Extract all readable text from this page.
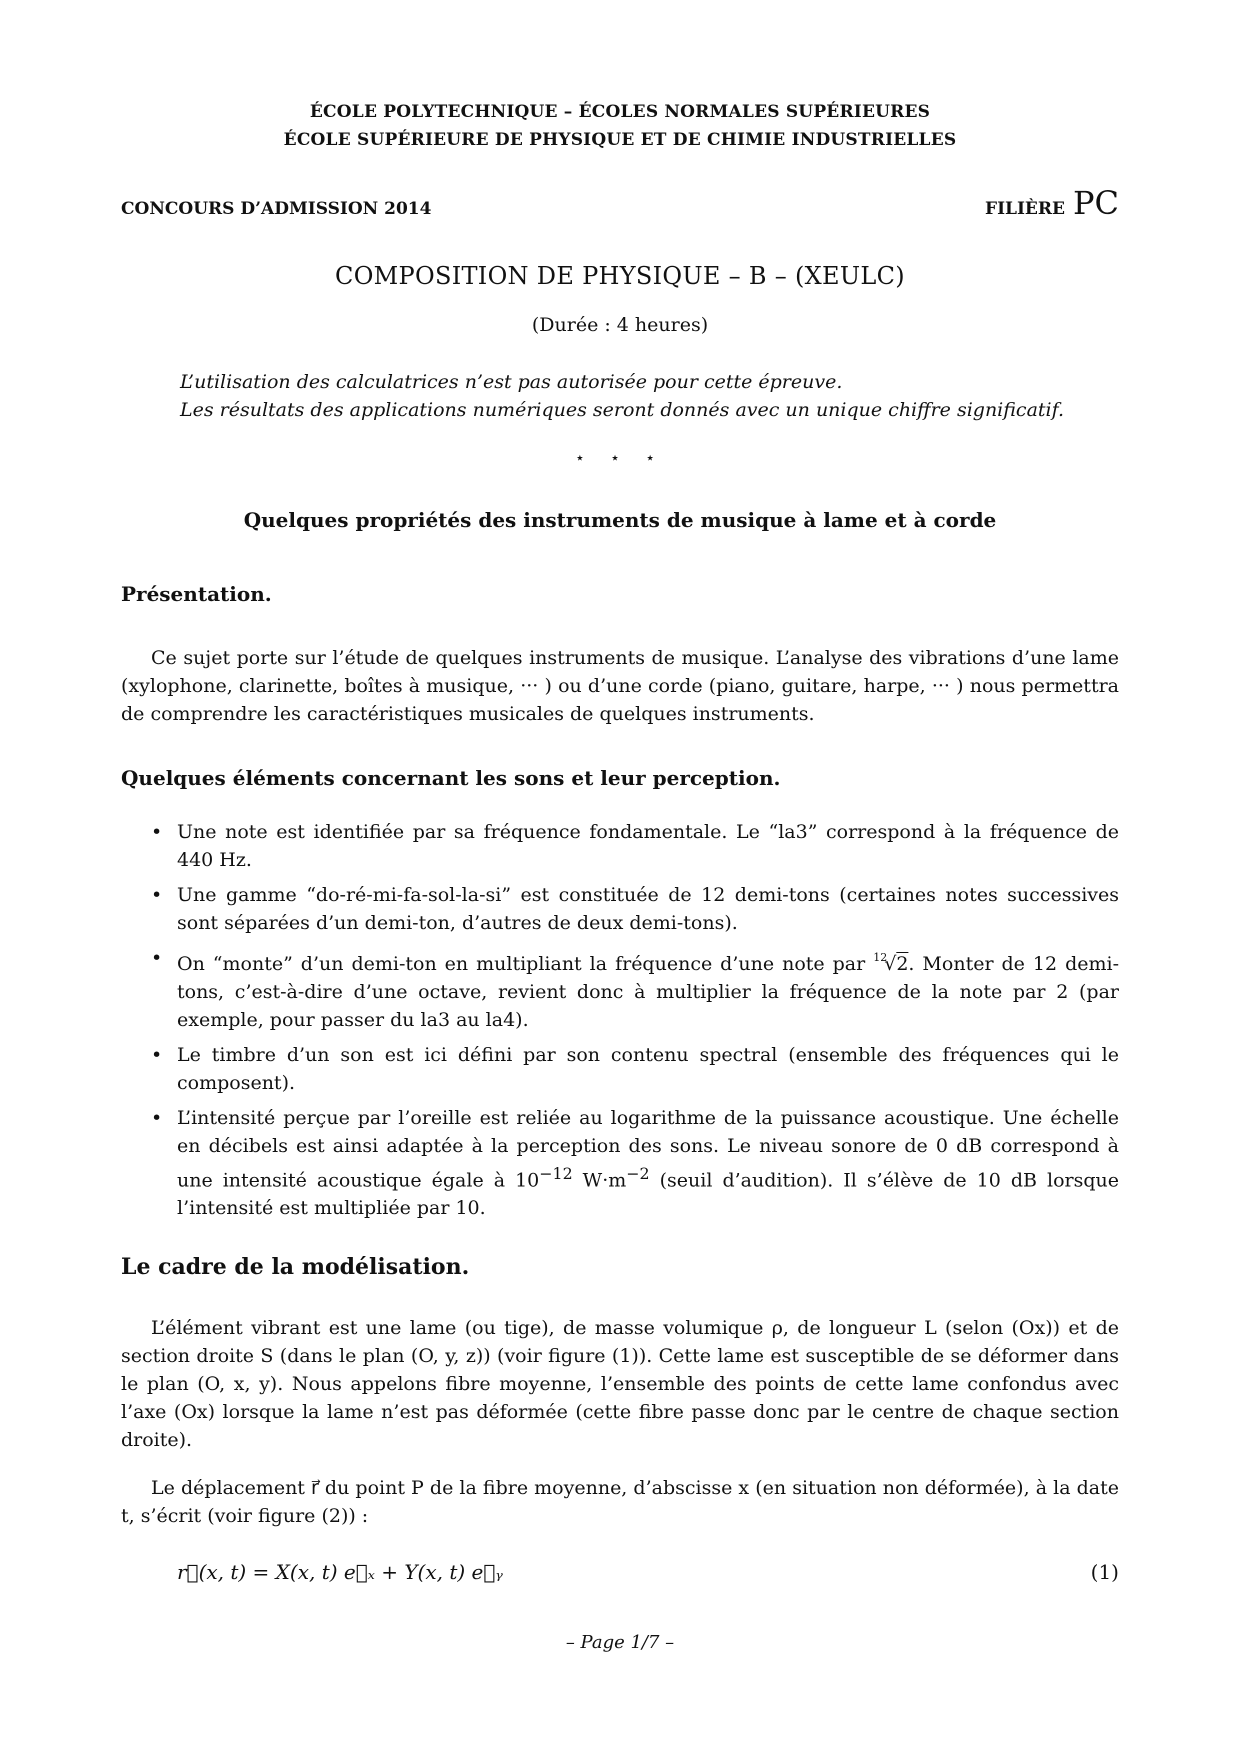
ÉCOLE POLYTECHNIQUE – ÉCOLES NORMALES SUPÉRIEURES
ÉCOLE SUPÉRIEURE DE PHYSIQUE ET DE CHIMIE INDUSTRIELLES
CONCOURS D’ADMISSION 2014	FILIÈRE PC
COMPOSITION DE PHYSIQUE – B – (XEULC)
(Durée : 4 heures)
L’utilisation des calculatrices n’est pas autorisée pour cette épreuve.
Les résultats des applications numériques seront donnés avec un unique chiffre significatif.
⋆ ⋆ ⋆
Quelques propriétés des instruments de musique à lame et à corde
Présentation.
Ce sujet porte sur l’étude de quelques instruments de musique. L’analyse des vibrations d’une lame (xylophone, clarinette, boîtes à musique, ··· ) ou d’une corde (piano, guitare, harpe, ··· ) nous permettra de comprendre les caractéristiques musicales de quelques instruments.
Quelques éléments concernant les sons et leur perception.
• Une note est identifiée par sa fréquence fondamentale. Le “la3” correspond à la fréquence de 440 Hz.
• Une gamme “do-ré-mi-fa-sol-la-si” est constituée de 12 demi-tons (certaines notes successives sont séparées d’un demi-ton, d’autres de deux demi-tons).
• On “monte” d’un demi-ton en multipliant la fréquence d’une note par $^{12}$√2. Monter de 12 demi-tons, c’est-à-dire d’une octave, revient donc à multiplier la fréquence de la note par 2 (par exemple, pour passer du la3 au la4).
• Le timbre d’un son est ici défini par son contenu spectral (ensemble des fréquences qui le composent).
• L’intensité perçue par l’oreille est reliée au logarithme de la puissance acoustique. Une échelle en décibels est ainsi adaptée à la perception des sons. Le niveau sonore de 0 dB correspond à une intensité acoustique égale à $10^{-12}$ $W\cdot m^{-2}$ (seuil d’audition). Il s’élève de 10 dB lorsque l’intensité est multipliée par 10.
Le cadre de la modélisation.
L’élément vibrant est une lame (ou tige), de masse volumique ρ, de longueur L (selon (Ox)) et de section droite S (dans le plan (O, y, z)) (voir figure (1)). Cette lame est susceptible de se déformer dans le plan (O, x, y). Nous appelons fibre moyenne, l’ensemble des points de cette lame confondus avec l’axe (Ox) lorsque la lame n’est pas déformée (cette fibre passe donc par le centre de chaque section droite).
Le déplacement r⃗ du point P de la fibre moyenne, d’abscisse x (en situation non déformée), à la date t, s’écrit (voir figure (2)) :
r⃗(x, t) = X(x, t) e⃗ₓ + Y(x, t) e⃗ᵧ	(1)
– Page 1/7 –
